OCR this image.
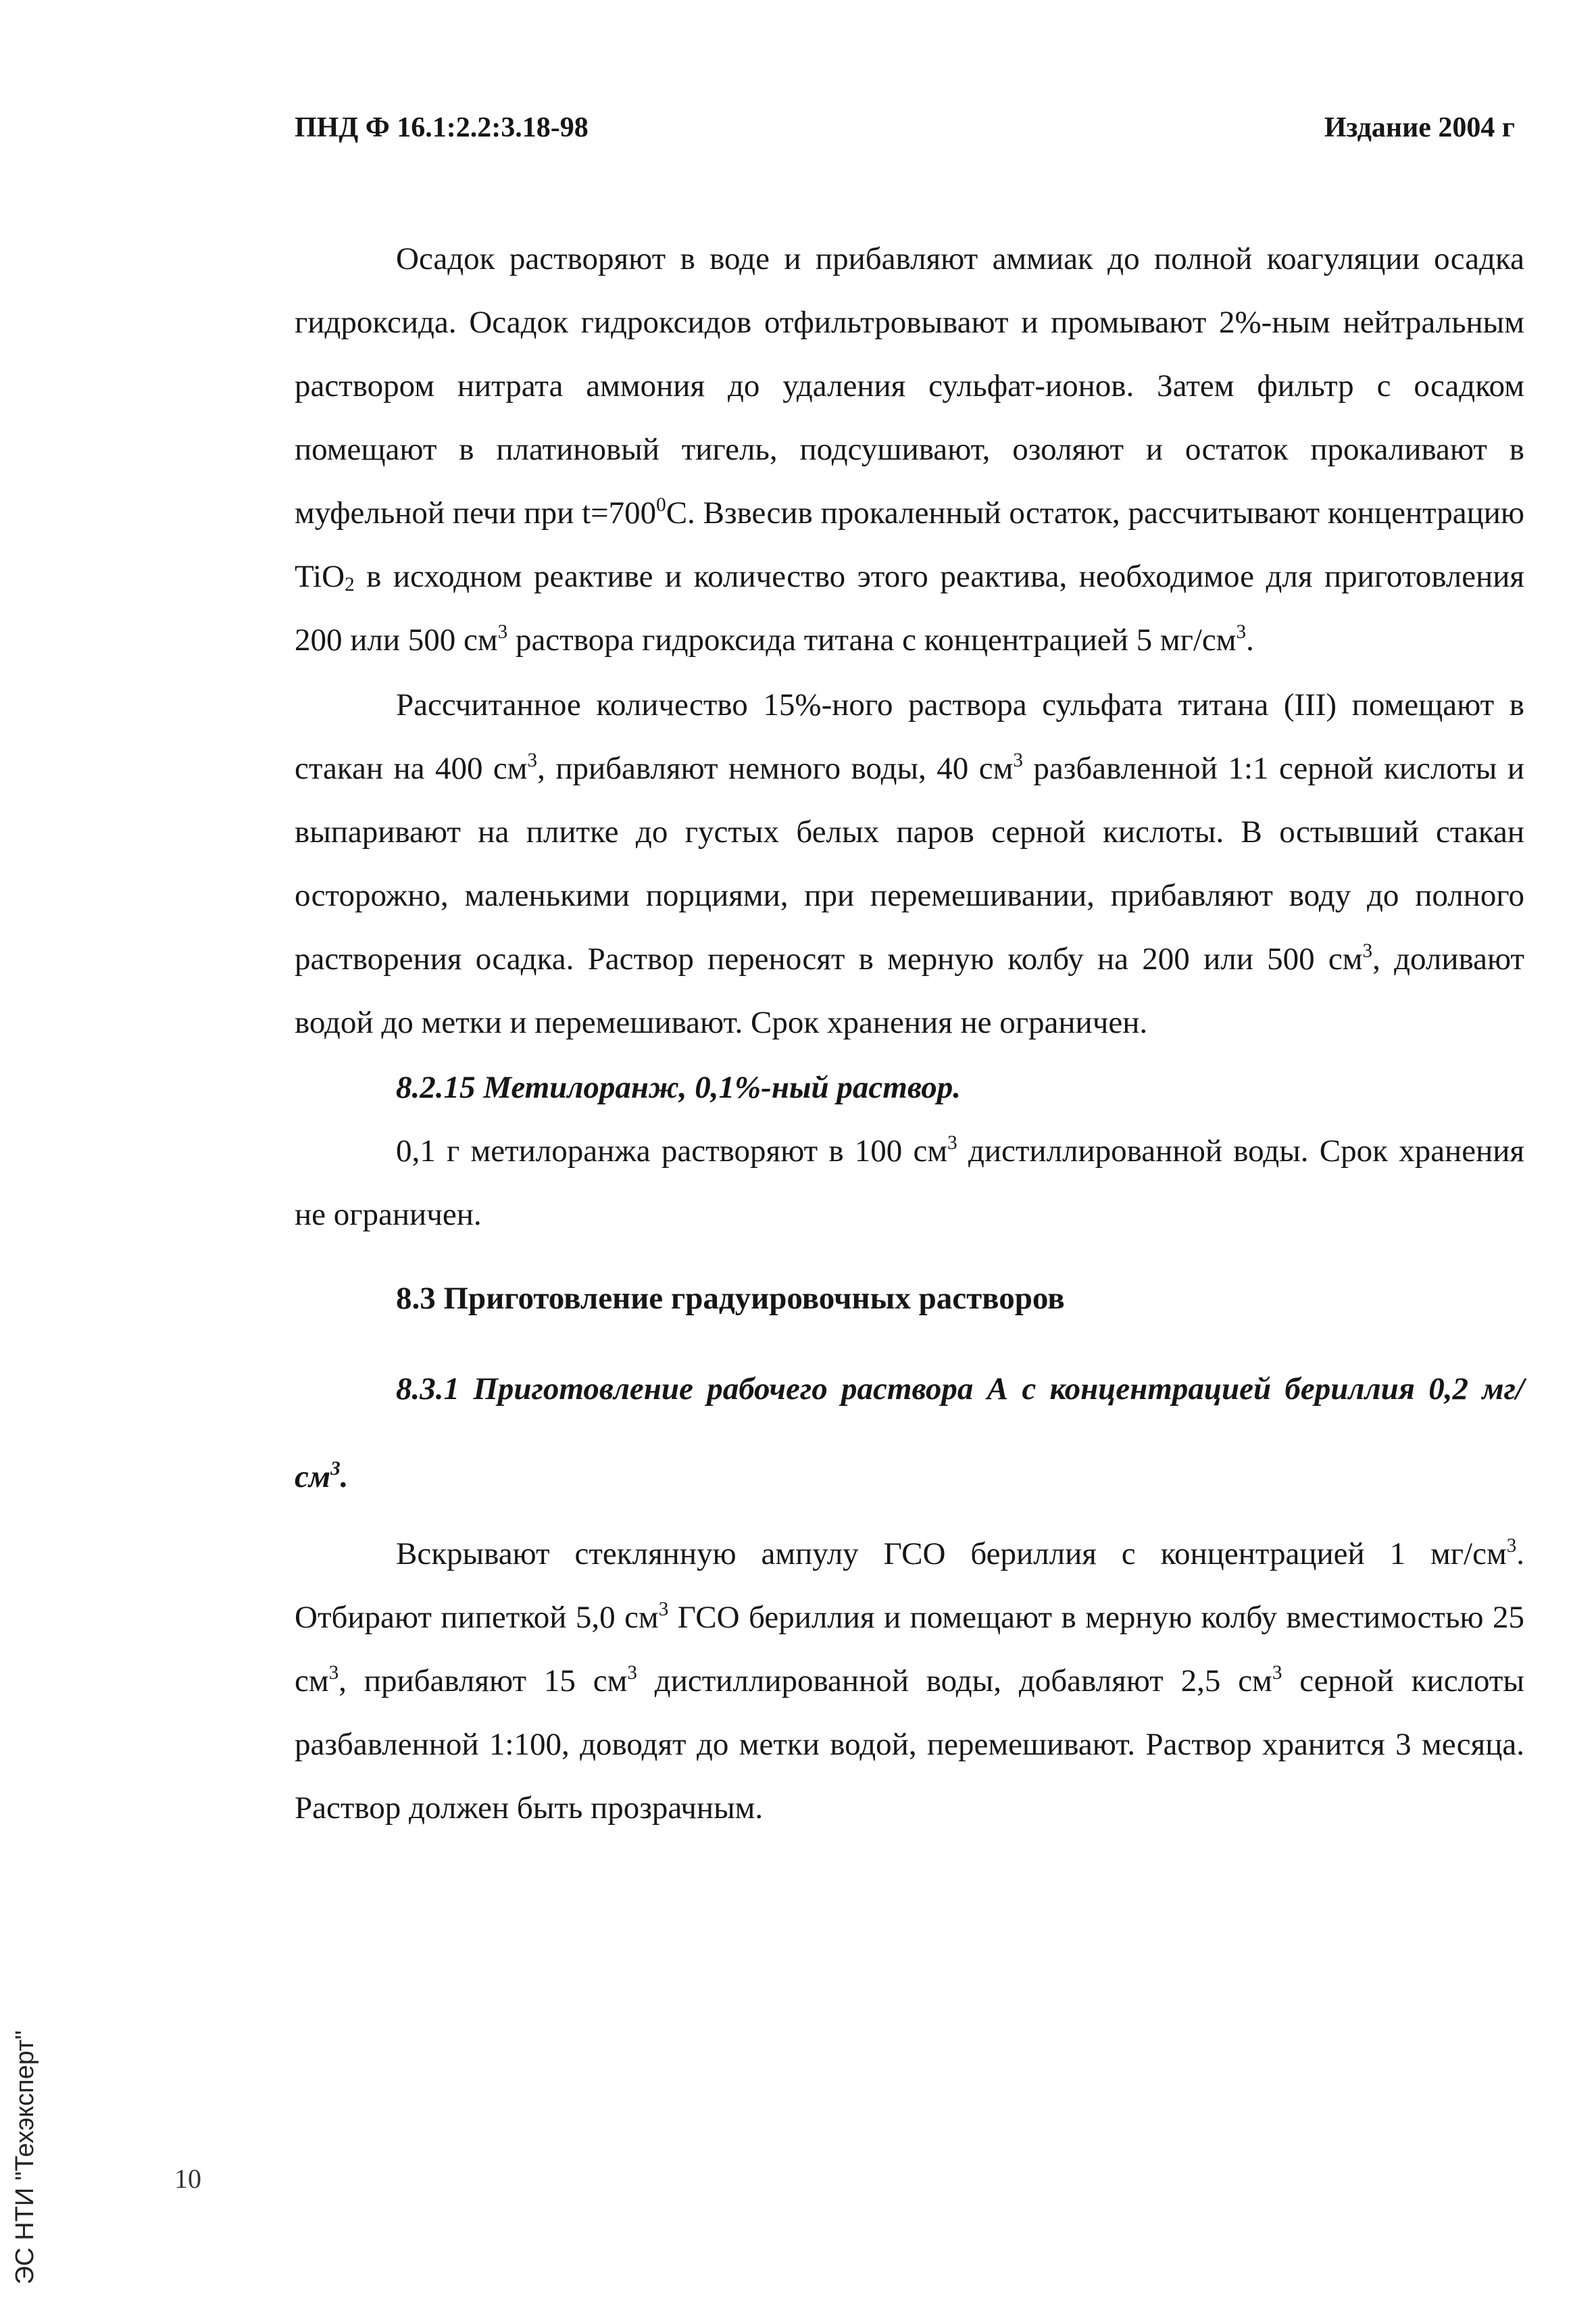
ПНД Ф 16.1:2.2:3.18-98	Издание 2004 г

Осадок растворяют в воде и прибавляют аммиак до полной коагуляции осадка гидроксида. Осадок гидроксидов отфильтровывают и промывают 2%-ным нейтральным раствором нитрата аммония до удаления сульфат-ионов. Затем фильтр с осадком помещают в платиновый тигель, подсушивают, озоляют и остаток прокаливают в муфельной печи при $t=700^0С$. Взвесив прокаленный остаток, рассчитывают концентрацию TiO$_2$ в исходном реактиве и количество этого реактива, необходимое для приготовления 200 или 500 $см^3$ раствора гидроксида титана с концентрацией 5 $мг/см^3$.

Рассчитанное количество 15%-ного раствора сульфата титана (III) помещают в стакан на 400 $см^3$, прибавляют немного воды, 40 $см^3$ разбавленной 1:1 серной кислоты и выпаривают на плитке до густых белых паров серной кислоты. В остывший стакан осторожно, маленькими порциями, при перемешивании, прибавляют воду до полного растворения осадка. Раствор переносят в мерную колбу на 200 или 500 $см^3$, доливают водой до метки и перемешивают. Срок хранения не ограничен.

8.2.15 Метилоранж, 0,1%-ный раствор.

0,1 г метилоранжа растворяют в 100 $см^3$ дистиллированной воды. Срок хранения не ограничен.

8.3 Приготовление градуировочных растворов

8.3.1 Приготовление рабочего раствора А с концентрацией бериллия 0,2 $мг/см^3$.

Вскрывают стеклянную ампулу ГСО бериллия с концентрацией 1 $мг/см^3$. Отбирают пипеткой 5,0 $см^3$ ГСО бериллия и помещают в мерную колбу вместимостью 25 $см^3$, прибавляют 15 $см^3$ дистиллированной воды, добавляют 2,5 $см^3$ серной кислоты разбавленной 1:100, доводят до метки водой, перемешивают. Раствор хранится 3 месяца. Раствор должен быть прозрачным.

10
ЭС НТИ "Техэксперт"
